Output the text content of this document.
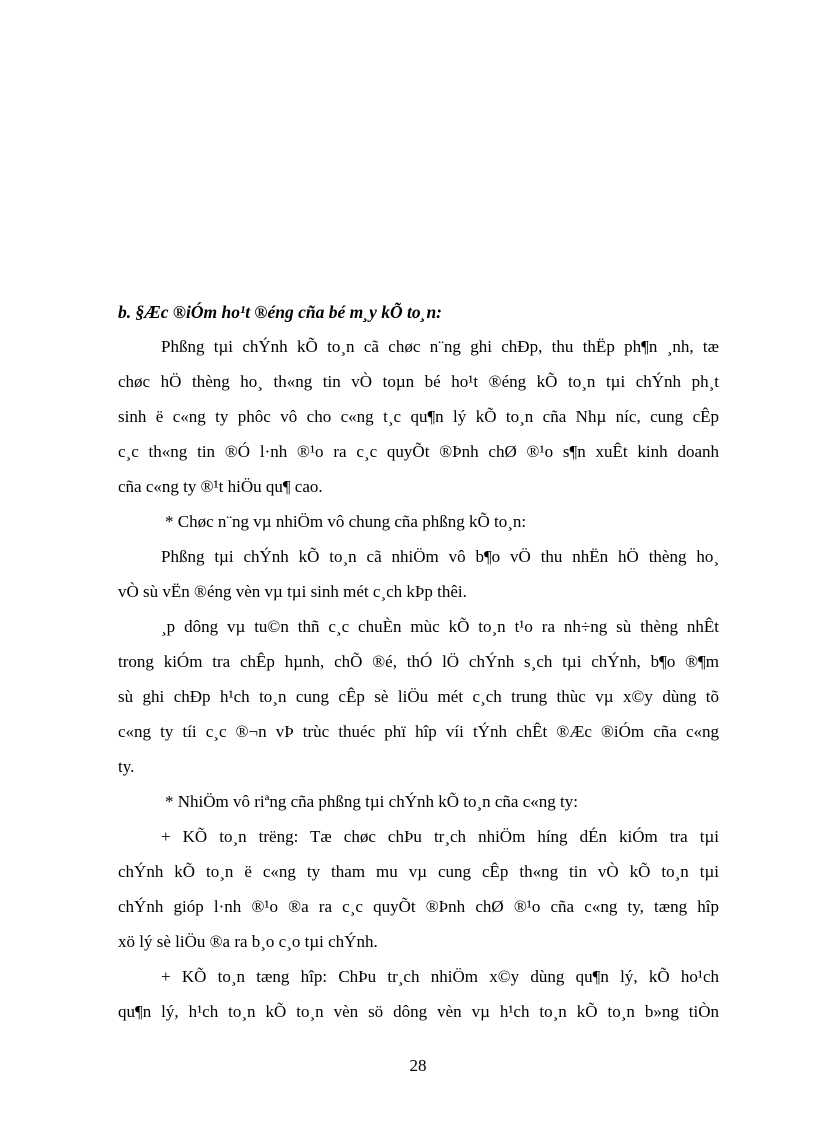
b. §Æc ®iÓm ho¹t ®éng cña bé m¸y kÕ to¸n:
Phßng tµi chÝnh kÕ to¸n cã chøc n¨ng ghi chÐp, thu thËp ph¶n ¸nh, tæ
chøc hÖ thèng ho¸ th«ng tin vÒ toµn bé ho¹t ®éng kÕ to¸n tµi chÝnh ph¸t
sinh ë c«ng ty phôc vô cho c«ng t¸c qu¶n lý kÕ to¸n cña Nhµ níc, cung cÊp
c¸c th«ng tin ®Ó l·nh ®¹o ra c¸c quyÕt ®Þnh chØ ®¹o s¶n xuÊt kinh doanh
cña c«ng ty ®¹t hiÖu qu¶ cao.
* Chøc n¨ng vµ nhiÖm vô chung cña phßng kÕ to¸n:
Phßng tµi chÝnh kÕ to¸n cã nhiÖm vô b¶o vÖ thu nhËn hÖ thèng ho¸
vÒ sù vËn ®éng vèn vµ tµi sinh mét c¸ch kÞp thêi.
¸p dông vµ tu©n thñ c¸c chuÈn mùc kÕ to¸n t¹o ra nh÷ng sù thèng nhÊt
trong kiÓm tra chÊp hµnh, chÕ ®é, thÓ lÖ chÝnh s¸ch tµi chÝnh, b¶o ®¶m
sù ghi chÐp h¹ch to¸n cung cÊp sè liÖu mét c¸ch trung thùc vµ x©y dùng tõ
c«ng ty tíi c¸c ®¬n vÞ trùc thuéc phï hîp víi tÝnh chÊt ®Æc ®iÓm cña c«ng
ty.
* NhiÖm vô riªng cña phßng tµi chÝnh kÕ to¸n cña c«ng ty:
+ KÕ to¸n trëng: Tæ chøc chÞu tr¸ch nhiÖm híng dÉn kiÓm tra tµi
chÝnh kÕ to¸n ë c«ng ty tham mu vµ cung cÊp th«ng tin vÒ kÕ to¸n tµi
chÝnh gióp l·nh ®¹o ®a ra c¸c quyÕt ®Þnh chØ ®¹o cña c«ng ty, tæng hîp
xö lý sè liÖu ®a ra b¸o c¸o tµi chÝnh.
+ KÕ to¸n tæng hîp: ChÞu tr¸ch nhiÖm x©y dùng qu¶n lý, kÕ ho¹ch
qu¶n lý, h¹ch to¸n kÕ to¸n vèn sö dông vèn vµ h¹ch to¸n kÕ to¸n b»ng tiÒn
28
